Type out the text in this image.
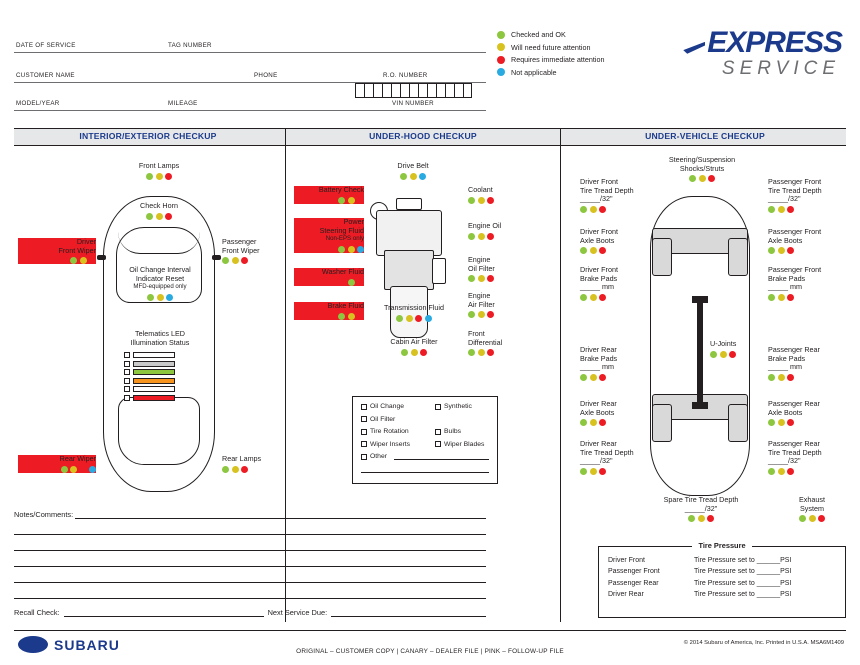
DATE OF SERVICE	TAG NUMBER
CUSTOMER NAME	PHONE	R.O. NUMBER
MODEL/YEAR	MILEAGE	VIN NUMBER
Checked and OK
Will need future attention
Requires immediate attention
Not applicable
EXPRESS
SERVICE
INTERIOR/EXTERIOR CHECKUP	UNDER-HOOD CHECKUP	UNDER-VEHICLE CHECKUP
Front Lamps
Check Horn
Driver
Front Wiper
Passenger
Front Wiper
Oil Change Interval
Indicator Reset
MFD-equipped only
Telematics LED
Illumination Status
Rear Wiper	Rear Lamps
Drive Belt
Battery Check
Power
Steering Fluid
Non-EPS only
Washer Fluid
Brake Fluid	Transmission Fluid
Cabin Air Filter
Coolant
Engine Oil
Engine
Oil Filter
Engine
Air Filter
Front
Differential
Oil Change	Synthetic
Oil Filter
Tire Rotation	Bulbs
Wiper Inserts	Wiper Blades
Other
Steering/Suspension
Shocks/Struts
Driver Front
Tire Tread Depth
_____/32"
Driver Front
Axle Boots
Driver Front
Brake Pads
_____ mm
Driver Rear
Brake Pads
_____ mm
Driver Rear
Axle Boots
Driver Rear
Tire Tread Depth
_____/32"
Passenger Front
Tire Tread Depth
_____/32"
Passenger Front
Axle Boots
Passenger Front
Brake Pads
_____ mm
Passenger Rear
Brake Pads
_____ mm
Passenger Rear
Axle Boots
Passenger Rear
Tire Tread Depth
_____/32"
U-Joints
Spare Tire Tread Depth
_____/32"
Exhaust
System
Tire Pressure
Driver Front	Tire Pressure set to ______PSI
Passenger Front	Tire Pressure set to ______PSI
Passenger Rear	Tire Pressure set to ______PSI
Driver Rear	Tire Pressure set to ______PSI
Notes/Comments:
Recall Check:	Next Service Due:
SUBARU	ORIGINAL – CUSTOMER COPY | CANARY – DEALER FILE | PINK – FOLLOW-UP FILE
© 2014 Subaru of America, Inc. Printed in U.S.A. MSA6M1409
